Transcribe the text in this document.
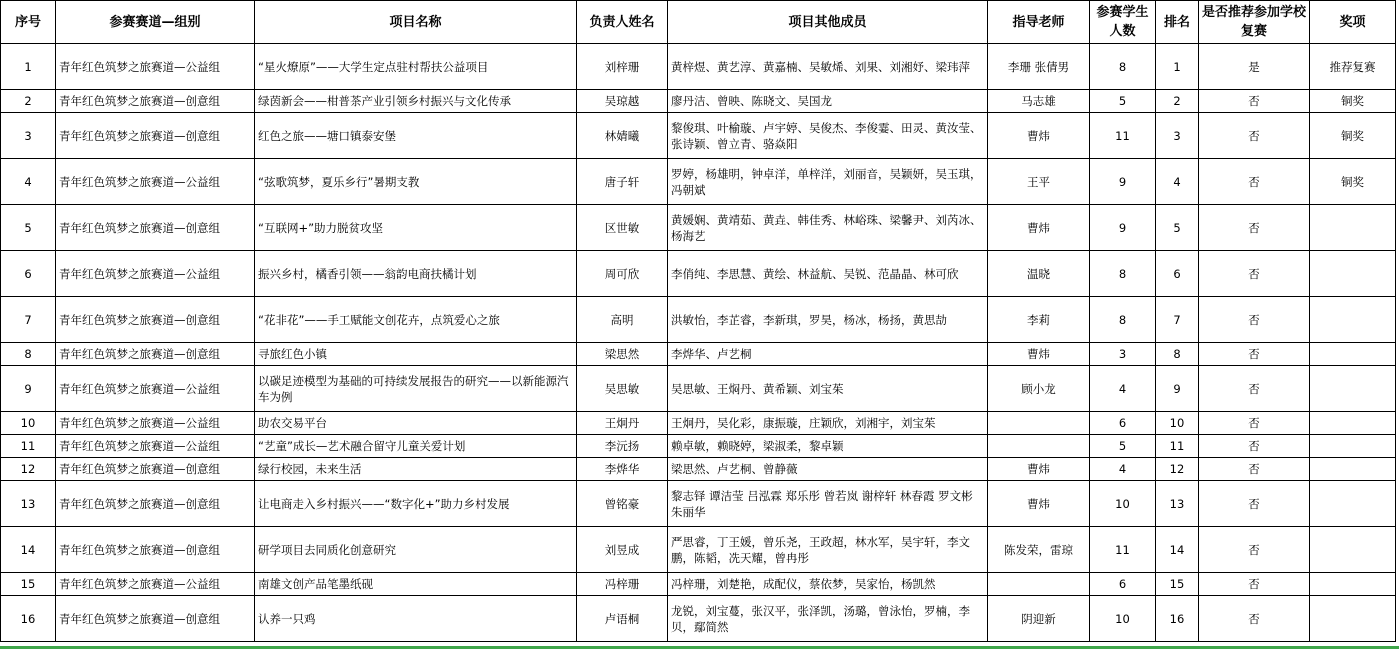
序号	参赛赛道—组别	项目名称	负责人姓名	项目其他成员	指导老师	参赛学生人数	排名	是否推荐参加学校复赛	奖项
1	青年红色筑梦之旅赛道—公益组	“星火燎原”——大学生定点驻村帮扶公益项目	刘梓珊	黄梓煜、黄艺淳、黄嘉楠、吴敏烯、刘果、刘湘妤、梁玮萍	李珊 张倩男	8	1	是	推荐复赛
2	青年红色筑梦之旅赛道—创意组	绿茵新会——柑普茶产业引领乡村振兴与文化传承	吴琼越	廖丹洁、曾映、陈晓文、吴国龙	马志雄	5	2	否	铜奖
3	青年红色筑梦之旅赛道—创意组	红色之旅——塘口镇泰安堡	林婧曦	黎俊琪、叶榆璇、卢宇婷、吴俊杰、李俊霎、田灵、黄汝莹、张诗颖、曾立青、骆焱阳	曹炜	11	3	否	铜奖
4	青年红色筑梦之旅赛道—公益组	“弦歌筑梦，夏乐乡行”暑期支教	唐子轩	罗婷，杨雄明，钟卓洋，单梓洋，刘丽音，吴颖妍，吴玉琪，冯朝斌	王平	9	4	否	铜奖
5	青年红色筑梦之旅赛道—创意组	“互联网+”助力脱贫攻坚	区世敏	黄媛娴、黄靖茹、黄垚、韩佳秀、林峪珠、梁馨尹、刘芮冰、杨海艺	曹炜	9	5	否	
6	青年红色筑梦之旅赛道—公益组	振兴乡村，橘香引领——翁韵电商扶橘计划	周可欣	李俏纯、李思慧、黄绘、林益航、吴锐、范晶晶、林可欣	温晓	8	6	否	
7	青年红色筑梦之旅赛道—创意组	“花非花”——手工赋能文创花卉，点筑爱心之旅	高明	洪敏怡，李芷睿，李新琪，罗昊，杨冰，杨扬，黄思劼	李莉	8	7	否	
8	青年红色筑梦之旅赛道—创意组	寻旅红色小镇	梁思然	李烨华、卢艺桐	曹炜	3	8	否	
9	青年红色筑梦之旅赛道—公益组	以碳足迹模型为基础的可持续发展报告的研究——以新能源汽车为例	吴思敏	吴思敏、王焖丹、黄希颖、刘宝茱	顾小龙	4	9	否	
10	青年红色筑梦之旅赛道—公益组	助农交易平台	王炯丹	王炯丹，吴化彩，康振璇，庄颖欣，刘湘宇，刘宝茱		6	10	否	
11	青年红色筑梦之旅赛道—公益组	“艺童”成长—艺术融合留守儿童关爱计划	李沅扬	赖卓敏，赖晓婷，梁淑柔，黎卓颖		5	11	否	
12	青年红色筑梦之旅赛道—创意组	绿行校园，未来生活	李烨华	梁思然、卢艺桐、曾静薇	曹炜	4	12	否	
13	青年红色筑梦之旅赛道—创意组	让电商走入乡村振兴——“数字化+”助力乡村发展	曾铭豪	黎志铎 谭洁莹 吕泓霖 郑乐彤 曾若岚 谢梓轩 林春霞 罗文彬 朱丽华	曹炜	10	13	否	
14	青年红色筑梦之旅赛道—创意组	研学项目去同质化创意研究	刘昱成	严思睿，丁王媛，曾乐尧，王政超，林水军，吴宇轩，李文鹏，陈韬，冼天耀，曾冉彤	陈发荣，雷琼	11	14	否	
15	青年红色筑梦之旅赛道—公益组	南雄文创产品笔墨纸砚	冯梓珊	冯梓珊，刘楚艳，成配仪，蔡依梦，吴家怡，杨凯然		6	15	否	
16	青年红色筑梦之旅赛道—创意组	认养一只鸡	卢语桐	龙锐，刘宝蔓，张汉平，张泽凯，汤璐，曾泳怡，罗楠，李贝，鄢简然	阴迎新	10	16	否	
